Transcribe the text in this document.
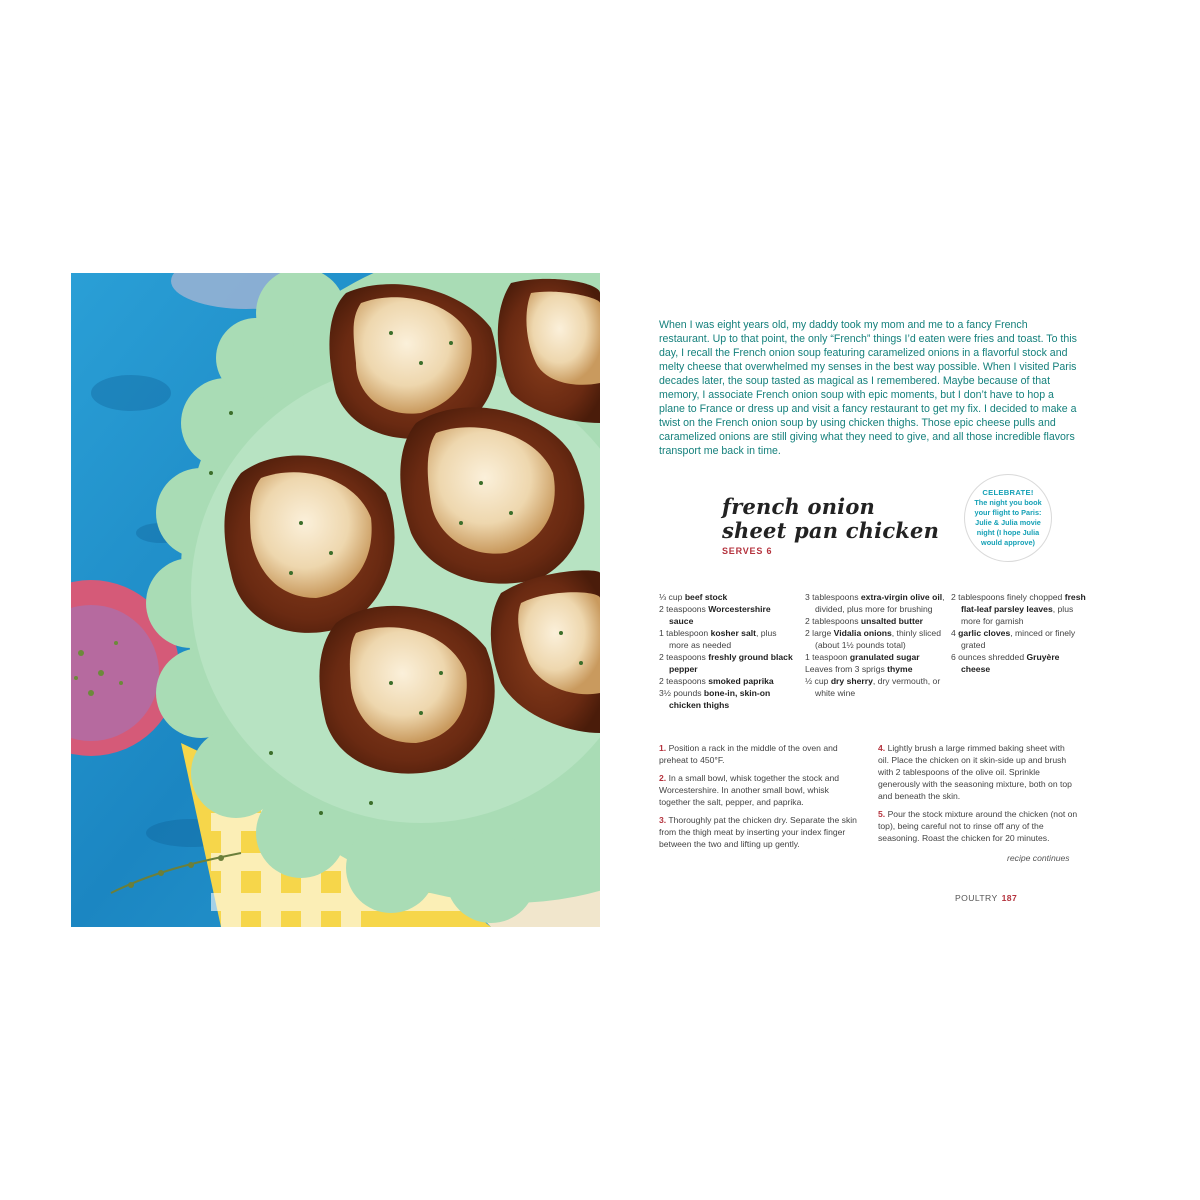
When I was eight years old, my daddy took my mom and me to a fancy French restaurant. Up to that point, the only “French” things I’d eaten were fries and toast. To this day, I recall the French onion soup featuring caramelized onions in a flavorful stock and melty cheese that overwhelmed my senses in the best way possible. When I visited Paris decades later, the soup tasted as magical as I remembered. Maybe because of that memory, I associate French onion soup with epic moments, but I don’t have to hop a plane to France or dress up and visit a fancy restaurant to get my fix. I decided to make a twist on the French onion soup by using chicken thighs. Those epic cheese pulls and caramelized onions are still giving what they need to give, and all those incredible flavors transport me back in time.

french onion
sheet pan chicken
SERVES 6
CELEBRATE!
The night you book your flight to Paris: Julie & Julia movie night (I hope Julia would approve)
⅓ cup beef stock
2 teaspoons Worcestershire sauce
1 tablespoon kosher salt, plus more as needed
2 teaspoons freshly ground black pepper
2 teaspoons smoked paprika
3½ pounds bone-in, skin-on chicken thighs
3 tablespoons extra-virgin olive oil, divided, plus more for brushing
2 tablespoons unsalted butter
2 large Vidalia onions, thinly sliced (about 1½ pounds total)
1 teaspoon granulated sugar
Leaves from 3 sprigs thyme
½ cup dry sherry, dry vermouth, or white wine
2 tablespoons finely chopped fresh flat-leaf parsley leaves, plus more for garnish
4 garlic cloves, minced or finely grated
6 ounces shredded Gruyère cheese
1. Position a rack in the middle of the oven and preheat to 450°F.
2. In a small bowl, whisk together the stock and Worcestershire. In another small bowl, whisk together the salt, pepper, and paprika.
3. Thoroughly pat the chicken dry. Separate the skin from the thigh meat by inserting your index finger between the two and lifting up gently.
4. Lightly brush a large rimmed baking sheet with oil. Place the chicken on it skin-side up and brush with 2 tablespoons of the olive oil. Sprinkle generously with the seasoning mixture, both on top and beneath the skin.
5. Pour the stock mixture around the chicken (not on top), being careful not to rinse off any of the seasoning. Roast the chicken for 20 minutes.
recipe continues
POULTRY 187
